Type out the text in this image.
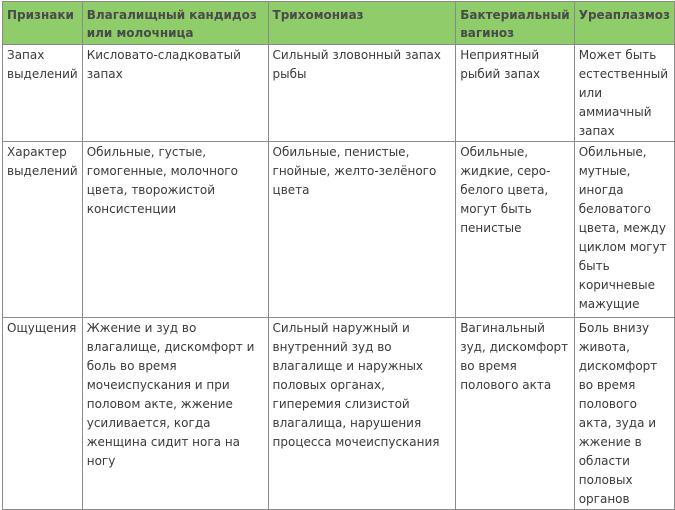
Признаки	Влагалищный кандидоз или молочница	Трихомониаз	Бактериальный вагиноз	Уреаплазмоз
Запах выделений	Кисловато-сладковатый запах	Сильный зловонный запах рыбы	Неприятный рыбий запах	Может быть естественный или аммиачный запах
Характер выделений	Обильные, густые, гомогенные, молочного цвета, творожистой консистенции	Обильные, пенистые, гнойные, желто-зелёного цвета	Обильные, жидкие, серо-белого цвета, могут быть пенистые	Обильные, мутные, иногда беловатого цвета, между циклом могут быть коричневые мажущие
Ощущения	Жжение и зуд во влагалище, дискомфорт и боль во время мочеиспускания и при половом акте, жжение усиливается, когда женщина сидит нога на ногу	Сильный наружный и внутренний зуд во влагалище и наружных половых органах, гиперемия слизистой влагалища, нарушения процесса мочеиспускания	Вагинальный зуд, дискомфорт во время полового акта	Боль внизу живота, дискомфорт во время полового акта, зуда и жжение в области половых органов
